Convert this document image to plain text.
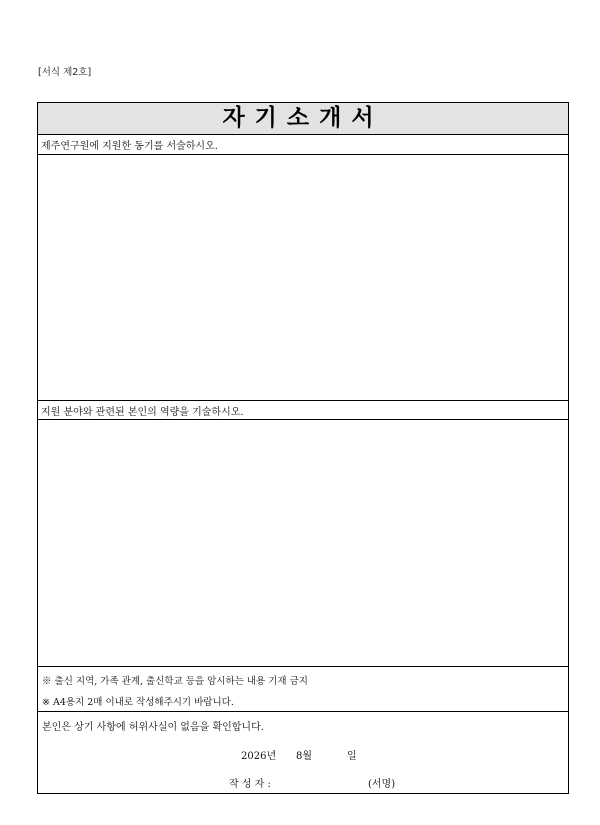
[서식 제2호]
자기소개서
제주연구원에 지원한 동기를 서술하시오.
지원 분야와 관련된 본인의 역량을 기술하시오.
※ 출신 지역, 가족 관계, 출신학교 등을 암시하는 내용 기재 금지
※ A4용지 2매 이내로 작성해주시기 바랍니다.
본인은 상기 사항에 허위사실이 없음을 확인합니다.
2026년 8월	일
작 성 자 :	(서명)
